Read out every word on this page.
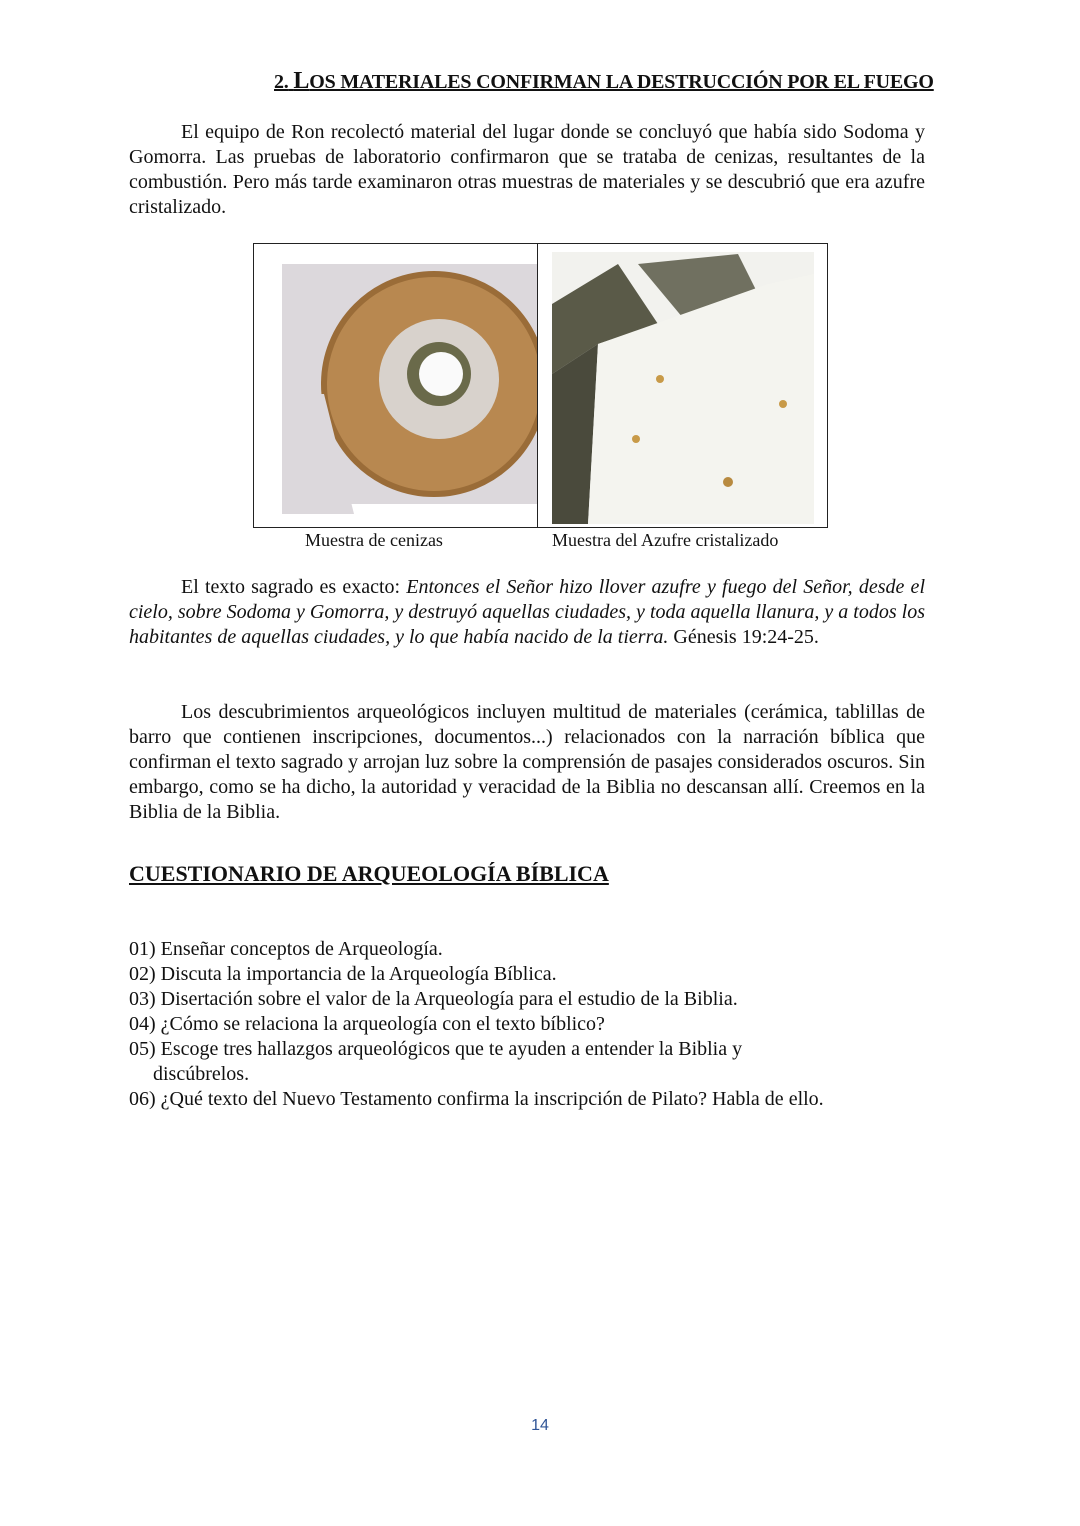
2. LOS MATERIALES CONFIRMAN LA DESTRUCCIÓN POR EL FUEGO

El equipo de Ron recolectó material del lugar donde se concluyó que había sido Sodoma y Gomorra. Las pruebas de laboratorio confirmaron que se trataba de cenizas, resultantes de la combustión. Pero más tarde examinaron otras muestras de materiales y se descubrió que era azufre cristalizado.

Muestra de cenizas	Muestra del Azufre cristalizado

El texto sagrado es exacto: Entonces el Señor hizo llover azufre y fuego del Señor, desde el cielo, sobre Sodoma y Gomorra, y destruyó aquellas ciudades, y toda aquella llanura, y a todos los habitantes de aquellas ciudades, y lo que había nacido de la tierra. Génesis 19:24-25.

Los descubrimientos arqueológicos incluyen multitud de materiales (cerámica, tablillas de barro que contienen inscripciones, documentos...) relacionados con la narración bíblica que confirman el texto sagrado y arrojan luz sobre la comprensión de pasajes considerados oscuros. Sin embargo, como se ha dicho, la autoridad y veracidad de la Biblia no descansan allí. Creemos en la Biblia de la Biblia.

CUESTIONARIO DE ARQUEOLOGÍA BÍBLICA
01) Enseñar conceptos de Arqueología.
02) Discuta la importancia de la Arqueología Bíblica.
03) Disertación sobre el valor de la Arqueología para el estudio de la Biblia.
04) ¿Cómo se relaciona la arqueología con el texto bíblico?
05) Escoge tres hallazgos arqueológicos que te ayuden a entender la Biblia y
discúbrelos.
06) ¿Qué texto del Nuevo Testamento confirma la inscripción de Pilato? Habla de ello.
14
